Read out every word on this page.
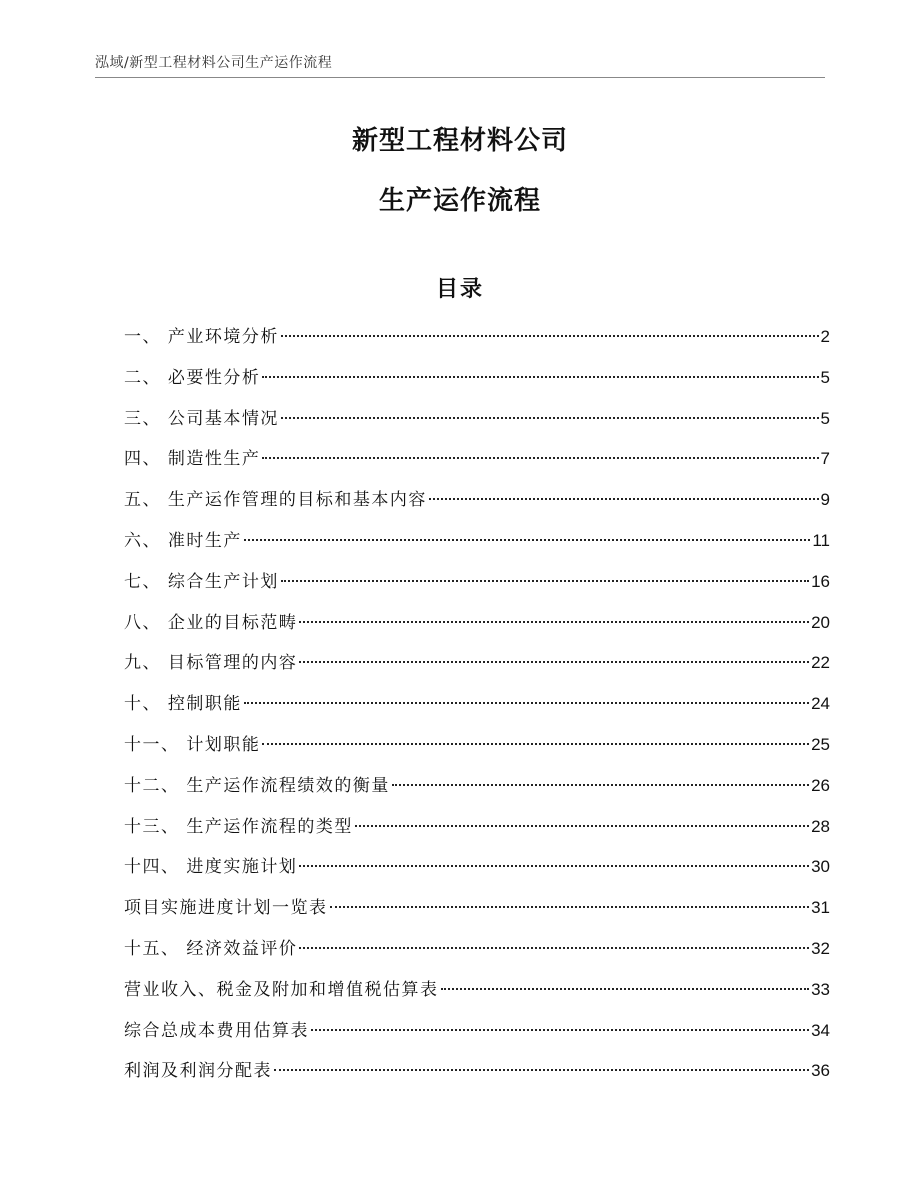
泓域/新型工程材料公司生产运作流程
新型工程材料公司
生产运作流程
目录
一、 产业环境分析	2
二、 必要性分析	5
三、 公司基本情况	5
四、 制造性生产	7
五、 生产运作管理的目标和基本内容	9
六、 准时生产	11
七、 综合生产计划	16
八、 企业的目标范畴	20
九、 目标管理的内容	22
十、 控制职能	24
十一、 计划职能	25
十二、 生产运作流程绩效的衡量	26
十三、 生产运作流程的类型	28
十四、 进度实施计划	30
项目实施进度计划一览表	31
十五、 经济效益评价	32
营业收入、税金及附加和增值税估算表	33
综合总成本费用估算表	34
利润及利润分配表	36
